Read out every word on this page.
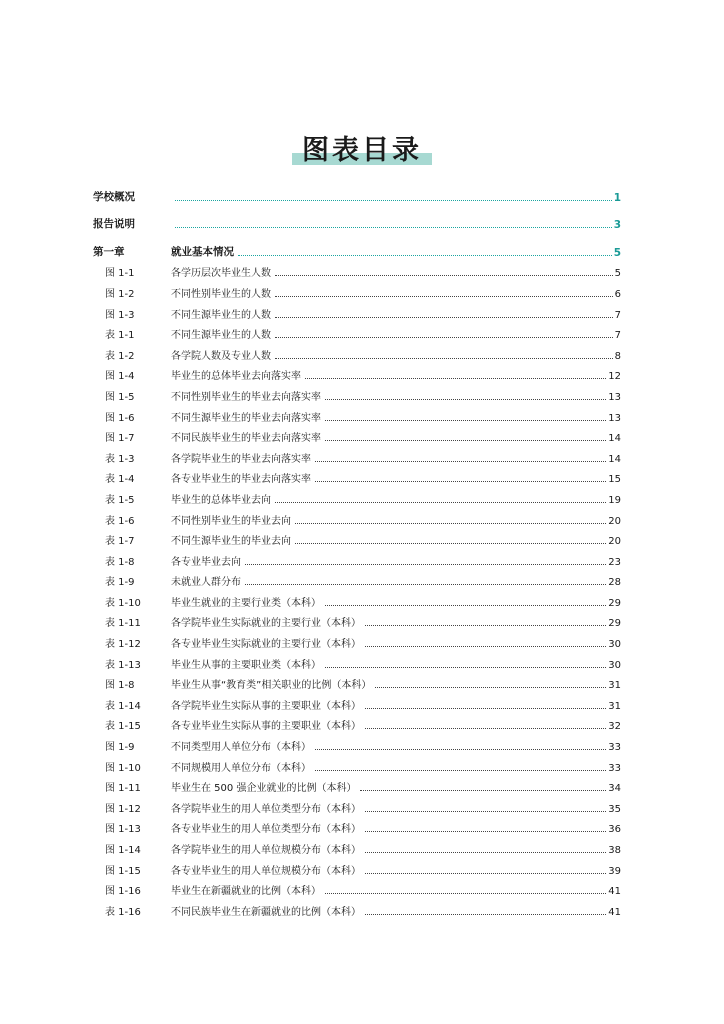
图表目录
学校概况	1
报告说明	3
第一章	就业基本情况	5
图 1-1	各学历层次毕业生人数	5
图 1-2	不同性别毕业生的人数	6
图 1-3	不同生源毕业生的人数	7
表 1-1	不同生源毕业生的人数	7
表 1-2	各学院人数及专业人数	8
图 1-4	毕业生的总体毕业去向落实率	12
图 1-5	不同性别毕业生的毕业去向落实率	13
图 1-6	不同生源毕业生的毕业去向落实率	13
图 1-7	不同民族毕业生的毕业去向落实率	14
表 1-3	各学院毕业生的毕业去向落实率	14
表 1-4	各专业毕业生的毕业去向落实率	15
表 1-5	毕业生的总体毕业去向	19
表 1-6	不同性别毕业生的毕业去向	20
表 1-7	不同生源毕业生的毕业去向	20
表 1-8	各专业毕业去向	23
表 1-9	未就业人群分布	28
表 1-10	毕业生就业的主要行业类（本科）	29
表 1-11	各学院毕业生实际就业的主要行业（本科）	29
表 1-12	各专业毕业生实际就业的主要行业（本科）	30
表 1-13	毕业生从事的主要职业类（本科）	30
图 1-8	毕业生从事“教育类”相关职业的比例（本科）	31
表 1-14	各学院毕业生实际从事的主要职业（本科）	31
表 1-15	各专业毕业生实际从事的主要职业（本科）	32
图 1-9	不同类型用人单位分布（本科）	33
图 1-10	不同规模用人单位分布（本科）	33
图 1-11	毕业生在 500 强企业就业的比例（本科）	34
图 1-12	各学院毕业生的用人单位类型分布（本科）	35
图 1-13	各专业毕业生的用人单位类型分布（本科）	36
图 1-14	各学院毕业生的用人单位规模分布（本科）	38
图 1-15	各专业毕业生的用人单位规模分布（本科）	39
图 1-16	毕业生在新疆就业的比例（本科）	41
表 1-16	不同民族毕业生在新疆就业的比例（本科）	41
